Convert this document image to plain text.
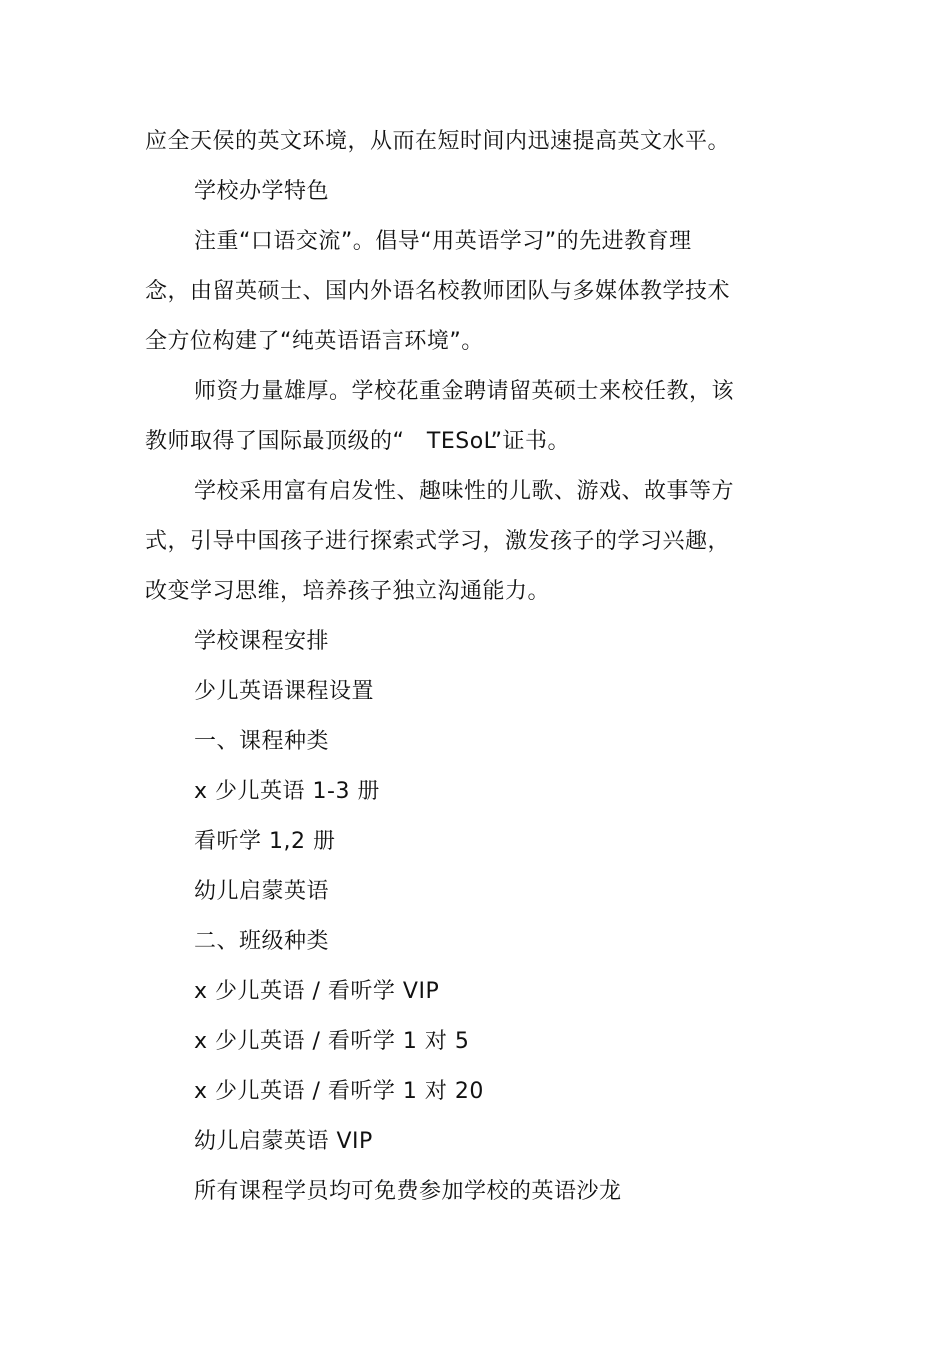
应全天侯的英文环境，从而在短时间内迅速提高英文水平。
学校办学特色
注重“口语交流”。倡导“用英语学习”的先进教育理
念，由留英硕士、国内外语名校教师团队与多媒体教学技术
全方位构建了“纯英语语言环境”。
师资力量雄厚。学校花重金聘请留英硕士来校任教，该
教师取得了国际最顶级的“　TESoL”证书。
学校采用富有启发性、趣味性的儿歌、游戏、故事等方
式，引导中国孩子进行探索式学习，激发孩子的学习兴趣，
改变学习思维，培养孩子独立沟通能力。
学校课程安排
少儿英语课程设置
一、课程种类
x 少儿英语 1-3 册
看听学 1,2 册
幼儿启蒙英语
二、班级种类
x 少儿英语 / 看听学 VIP
x 少儿英语 / 看听学 1 对 5
x 少儿英语 / 看听学 1 对 20
幼儿启蒙英语 VIP
所有课程学员均可免费参加学校的英语沙龙
